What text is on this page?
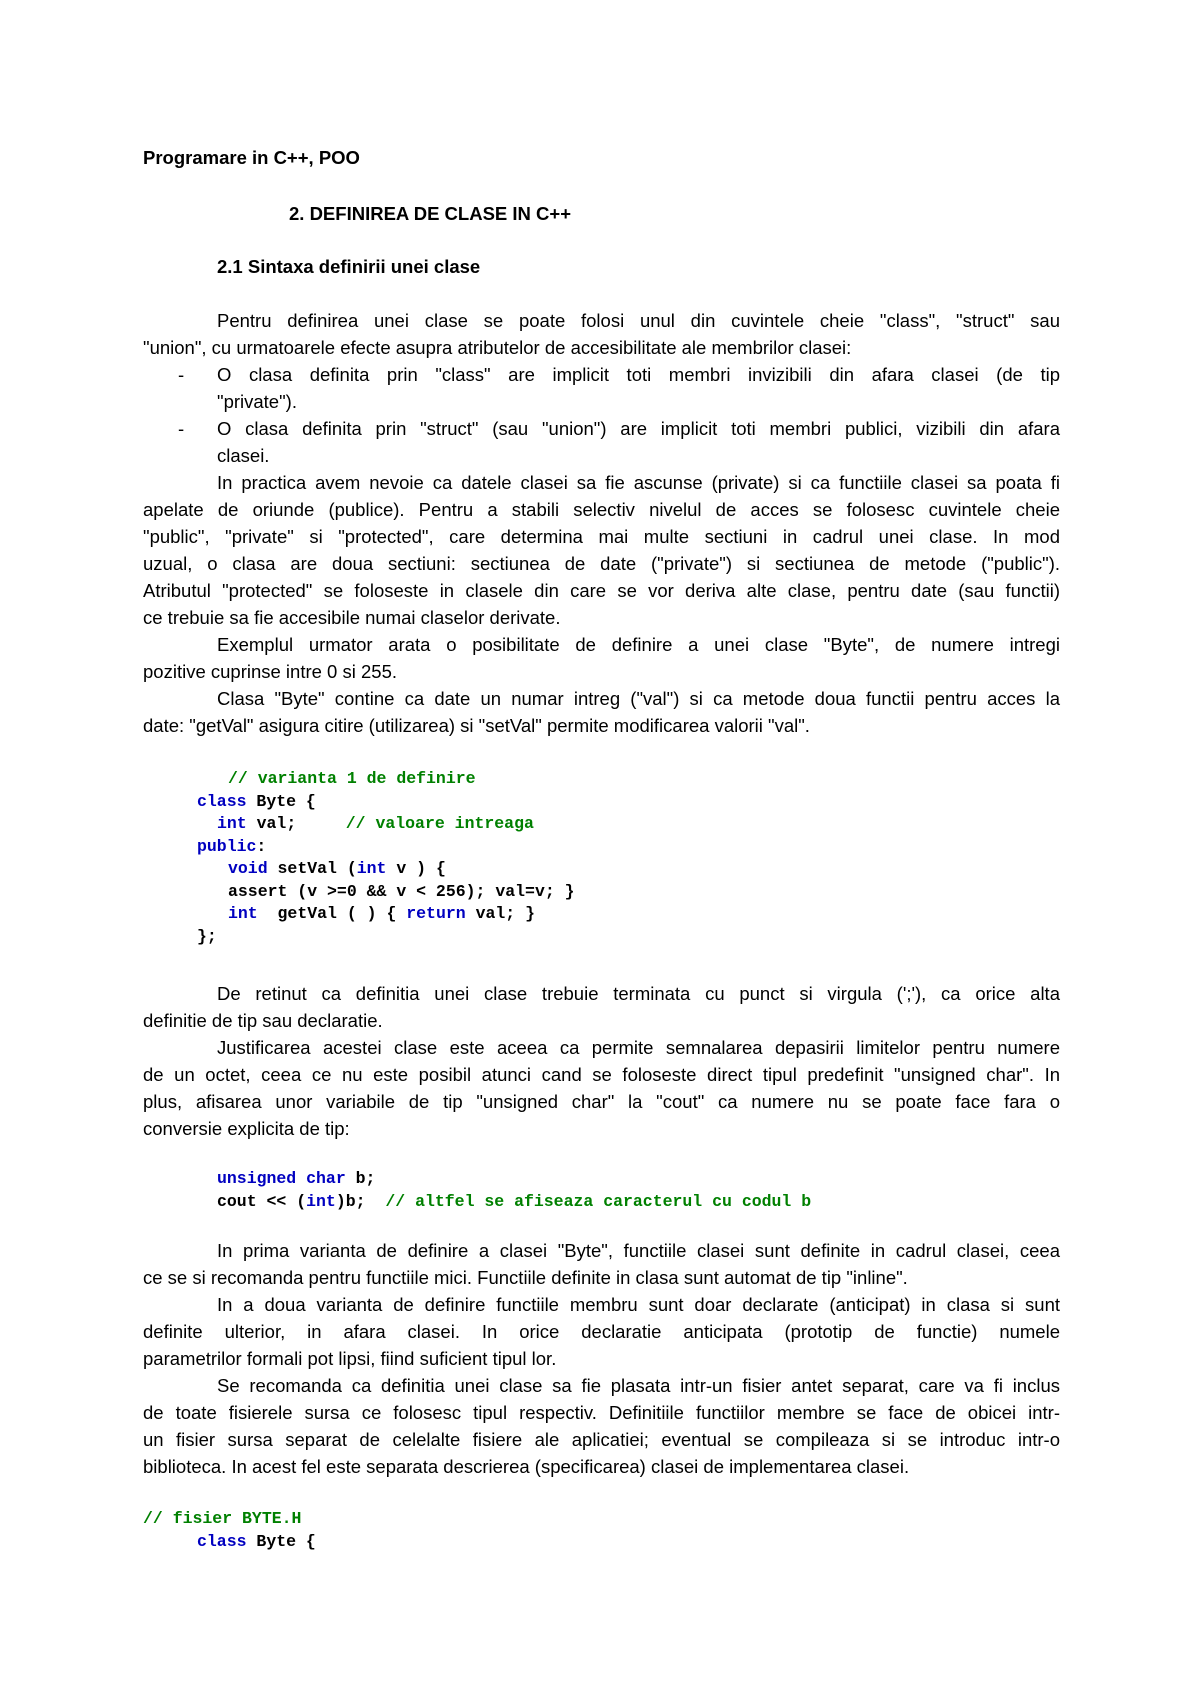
Programare in C++, POO
2. DEFINIREA DE CLASE IN C++
2.1 Sintaxa definirii unei clase
Pentru definirea unei clase se poate folosi unul din cuvintele cheie "class", "struct" sau
"union", cu urmatoarele efecte asupra atributelor de accesibilitate ale membrilor clasei:
- O clasa definita prin "class" are implicit toti membri invizibili din afara clasei (de tip
"private").
- O clasa definita prin "struct" (sau "union") are implicit toti membri publici, vizibili din afara
clasei.
In practica avem nevoie ca datele clasei sa fie ascunse (private) si ca functiile clasei sa poata fi
apelate de oriunde (publice). Pentru a stabili selectiv nivelul de acces se folosesc cuvintele cheie
"public", "private" si "protected", care determina mai multe sectiuni in cadrul unei clase. In mod
uzual, o clasa are doua sectiuni: sectiunea de date ("private") si sectiunea de metode ("public").
Atributul "protected" se foloseste in clasele din care se vor deriva alte clase, pentru date (sau functii)
ce trebuie sa fie accesibile numai claselor derivate.
Exemplul urmator arata o posibilitate de definire a unei clase "Byte", de numere intregi
pozitive cuprinse intre 0 si 255.
Clasa "Byte" contine ca date un numar intreg ("val") si ca metode doua functii pentru acces la
date: "getVal" asigura citire (utilizarea) si "setVal" permite modificarea valorii "val".
// varianta 1 de definire
class Byte {
int val;     // valoare intreaga
public:
void setVal (int v ) {
assert (v >=0 && v < 256); val=v; }
int  getVal ( ) { return val; }
};
De retinut ca definitia unei clase trebuie terminata cu punct si virgula (';'), ca orice alta
definitie de tip sau declaratie.
Justificarea acestei clase este aceea ca permite semnalarea depasirii limitelor pentru numere
de un octet, ceea ce nu este posibil atunci cand se foloseste direct tipul predefinit "unsigned char". In
plus, afisarea unor variabile de tip "unsigned char" la "cout" ca numere nu se poate face fara o
conversie explicita de tip:
unsigned char b;
cout << (int)b;  // altfel se afiseaza caracterul cu codul b
In prima varianta de definire a clasei "Byte", functiile clasei sunt definite in cadrul clasei, ceea
ce se si recomanda pentru functiile mici. Functiile definite in clasa sunt automat de tip "inline".
In a doua varianta de definire functiile membru sunt doar declarate (anticipat) in clasa si sunt
definite ulterior, in afara clasei. In orice declaratie anticipata (prototip de functie) numele
parametrilor formali pot lipsi, fiind suficient tipul lor.
Se recomanda ca definitia unei clase sa fie plasata intr-un fisier antet separat, care va fi inclus
de toate fisierele sursa ce folosesc tipul respectiv. Definitiile functiilor membre se face de obicei intr-
un fisier sursa separat de celelalte fisiere ale aplicatiei; eventual se compileaza si se introduc intr-o
biblioteca. In acest fel este separata descrierea (specificarea) clasei de implementarea clasei.
// fisier BYTE.H
class Byte {
